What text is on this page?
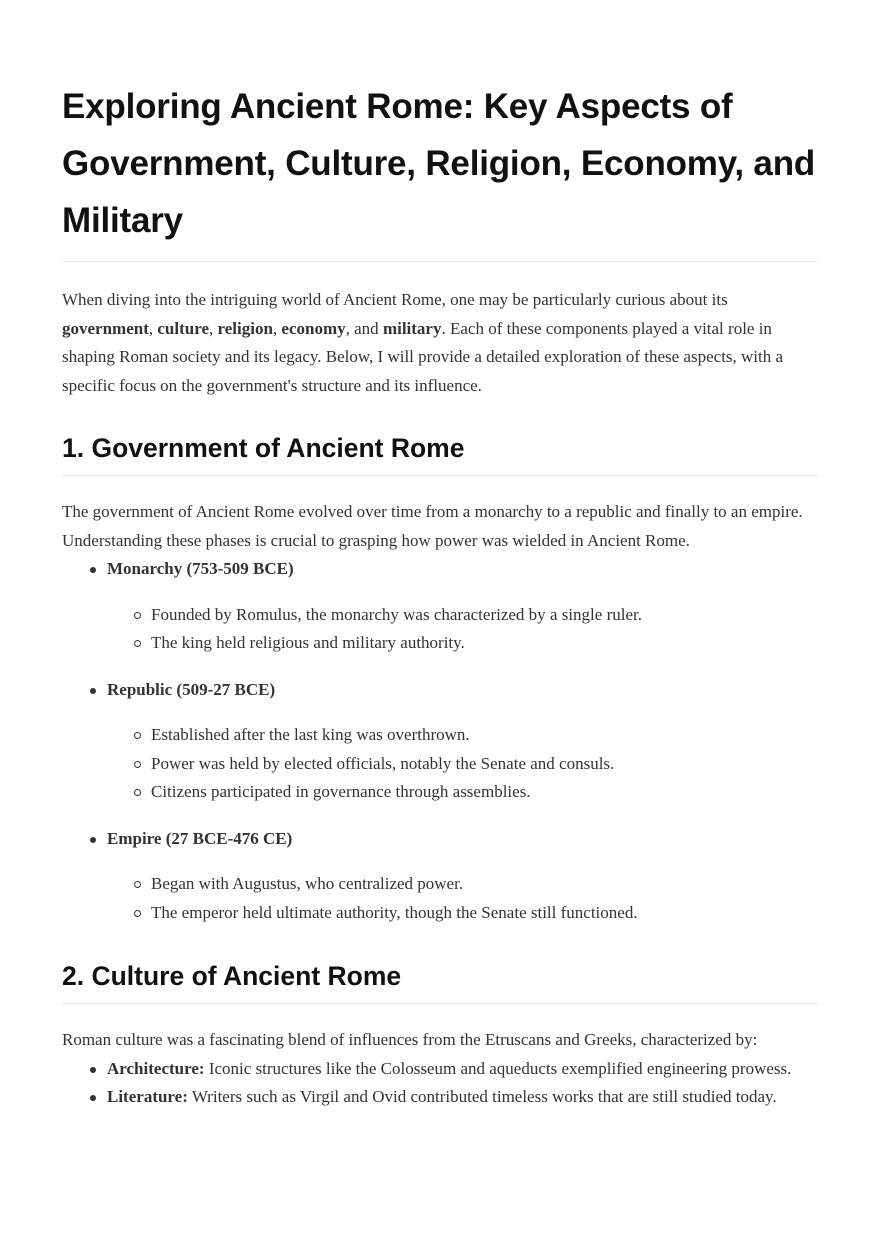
Exploring Ancient Rome: Key Aspects of Government, Culture, Religion, Economy, and Military

When diving into the intriguing world of Ancient Rome, one may be particularly curious about its government, culture, religion, economy, and military. Each of these components played a vital role in shaping Roman society and its legacy. Below, I will provide a detailed exploration of these aspects, with a specific focus on the government's structure and its influence.

1. Government of Ancient Rome

The government of Ancient Rome evolved over time from a monarchy to a republic and finally to an empire. Understanding these phases is crucial to grasping how power was wielded in Ancient Rome.

Monarchy (753-509 BCE)
Founded by Romulus, the monarchy was characterized by a single ruler.
The king held religious and military authority.
Republic (509-27 BCE)
Established after the last king was overthrown.
Power was held by elected officials, notably the Senate and consuls.
Citizens participated in governance through assemblies.
Empire (27 BCE-476 CE)
Began with Augustus, who centralized power.
The emperor held ultimate authority, though the Senate still functioned.
2. Culture of Ancient Rome

Roman culture was a fascinating blend of influences from the Etruscans and Greeks, characterized by:

Architecture: Iconic structures like the Colosseum and aqueducts exemplified engineering prowess.
Literature: Writers such as Virgil and Ovid contributed timeless works that are still studied today.
